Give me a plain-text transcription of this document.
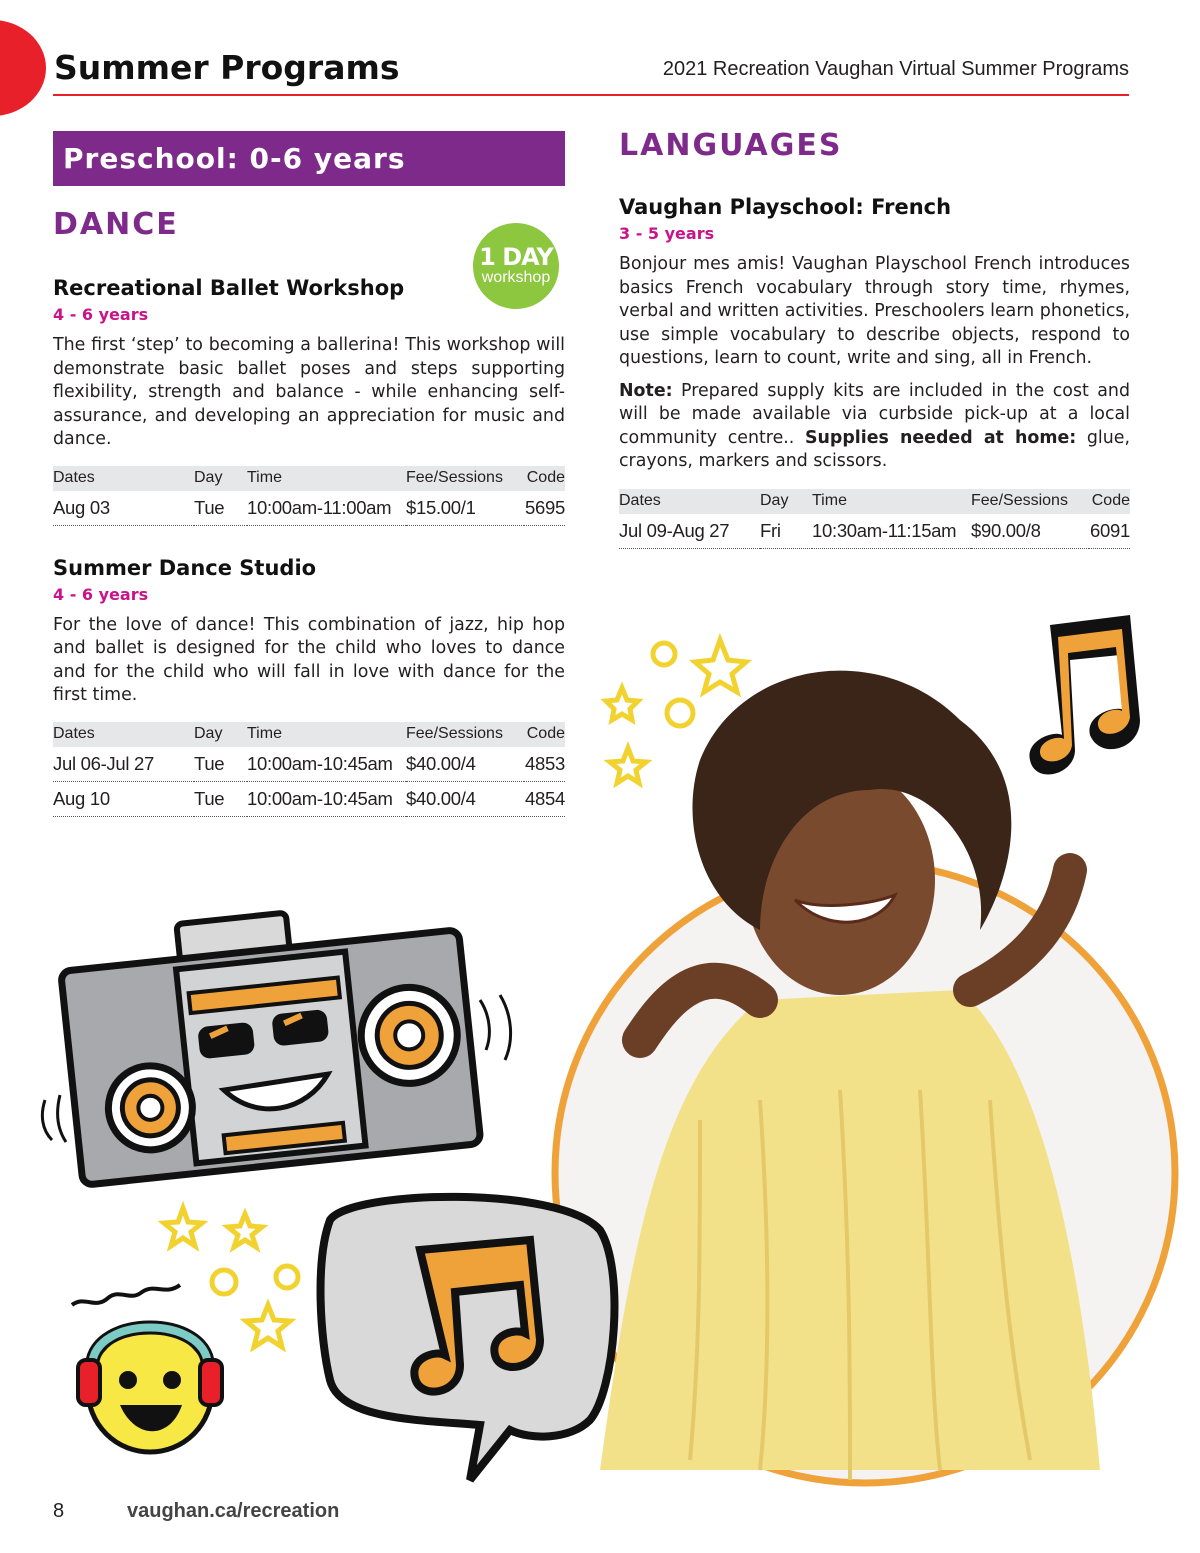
Summer Programs	2021 Recreation Vaughan Virtual Summer Programs
Preschool: 0-6 years
DANCE
Recreational Ballet Workshop
4 - 6 years

The first ‘step’ to becoming a ballerina! This workshop will demonstrate basic ballet poses and steps supporting flexibility, strength and balance - while enhancing self-assurance, and developing an appreciation for music and dance.

Dates	Day	Time	Fee/Sessions	Code
Aug 03	Tue	10:00am-11:00am	$15.00/1	5695
Summer Dance Studio
4 - 6 years

For the love of dance! This combination of jazz, hip hop and ballet is designed for the child who loves to dance and for the child who will fall in love with dance for the first time.

Dates	Day	Time	Fee/Sessions	Code
Jul 06-Jul 27	Tue	10:00am-10:45am	$40.00/4	4853
Aug 10	Tue	10:00am-10:45am	$40.00/4	4854
1 DAY
workshop
LANGUAGES
Vaughan Playschool: French
3 - 5 years

Bonjour mes amis! Vaughan Playschool French introduces basics French vocabulary through story time, rhymes, verbal and written activities. Preschoolers learn phonetics, use simple vocabulary to describe objects, respond to questions, learn to count, write and sing, all in French.

Note: Prepared supply kits are included in the cost and will be made available via curbside pick-up at a local community centre.. Supplies needed at home: glue, crayons, markers and scissors.

Dates	Day	Time	Fee/Sessions	Code
Jul 09-Aug 27	Fri	10:30am-11:15am	$90.00/8	6091
8	vaughan.ca/recreation
